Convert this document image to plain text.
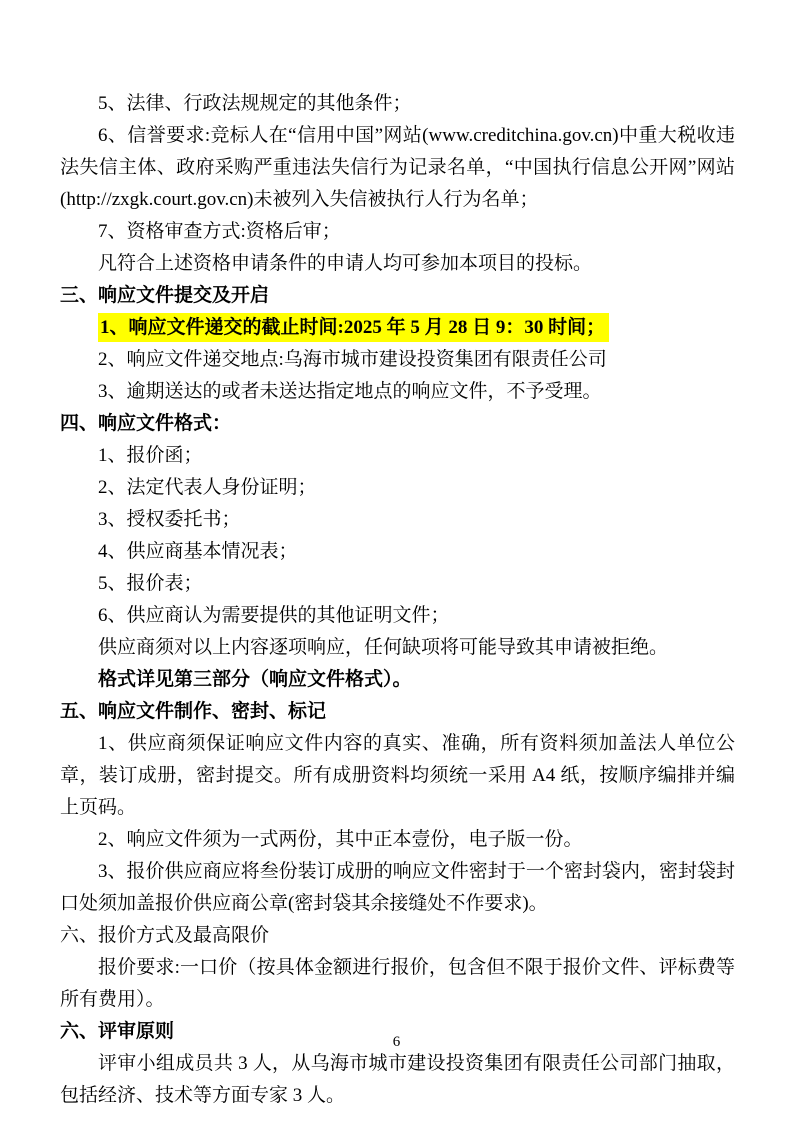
5、法律、行政法规规定的其他条件；

6、信誉要求:竞标人在“信用中国”网站(www.creditchina.gov.cn)中重大税收违法失信主体、政府采购严重违法失信行为记录名单，“中国执行信息公开网”网站(http://zxgk.court.gov.cn)未被列入失信被执行人行为名单；

7、资格审查方式:资格后审；

凡符合上述资格申请条件的申请人均可参加本项目的投标。

三、响应文件提交及开启

1、响应文件递交的截止时间:2025 年 5 月 28 日 9：30 时间；

2、响应文件递交地点:乌海市城市建设投资集团有限责任公司

3、逾期送达的或者未送达指定地点的响应文件，不予受理。

四、响应文件格式：

1、报价函；

2、法定代表人身份证明；

3、授权委托书；

4、供应商基本情况表；

5、报价表；

6、供应商认为需要提供的其他证明文件；

供应商须对以上内容逐项响应，任何缺项将可能导致其申请被拒绝。

格式详见第三部分（响应文件格式）。

五、响应文件制作、密封、标记

1、供应商须保证响应文件内容的真实、准确，所有资料须加盖法人单位公章，装订成册，密封提交。所有成册资料均须统一采用 A4 纸，按顺序编排并编上页码。

2、响应文件须为一式两份，其中正本壹份，电子版一份。

3、报价供应商应将叁份装订成册的响应文件密封于一个密封袋内，密封袋封口处须加盖报价供应商公章(密封袋其余接缝处不作要求)。

六、报价方式及最高限价

报价要求:一口价（按具体金额进行报价，包含但不限于报价文件、评标费等所有费用）。

六、评审原则

评审小组成员共 3 人，从乌海市城市建设投资集团有限责任公司部门抽取，包括经济、技术等方面专家 3 人。

6
